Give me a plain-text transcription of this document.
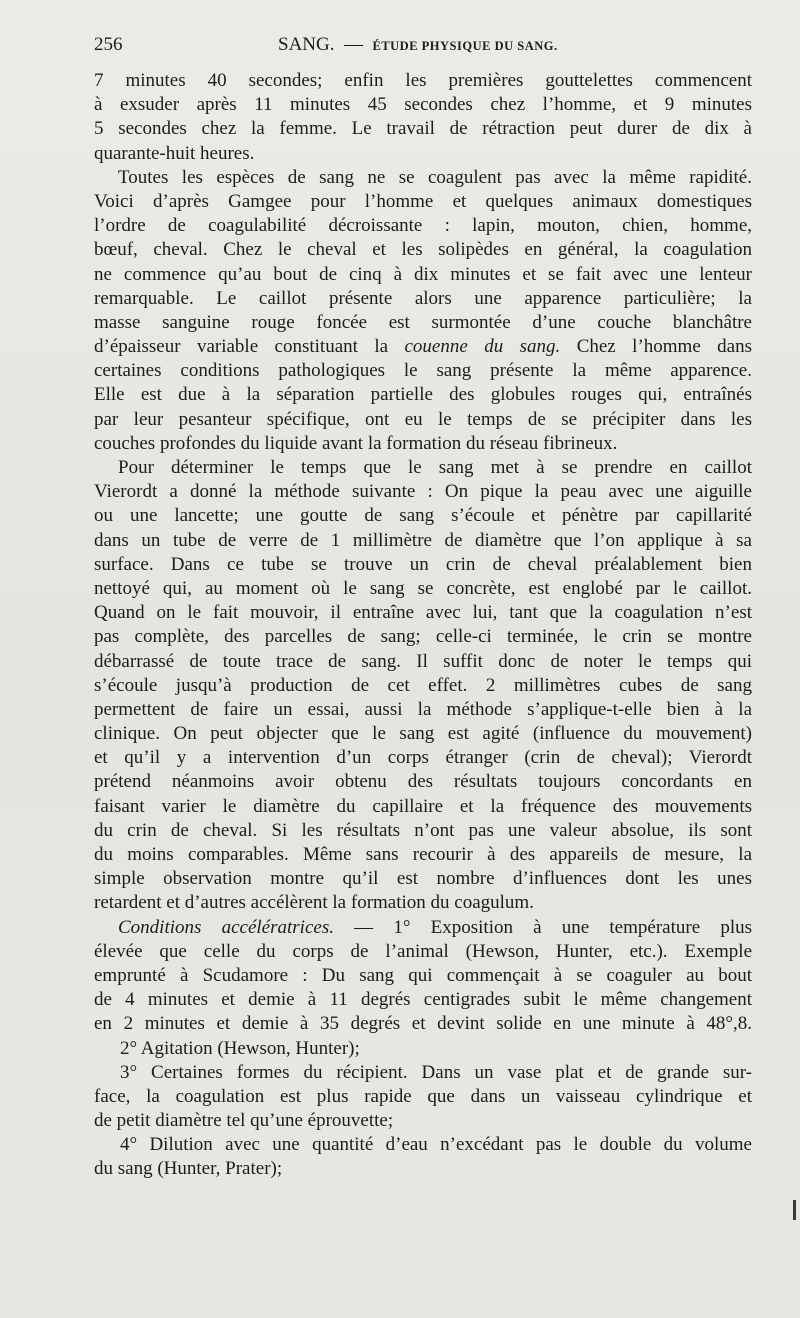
256	SANG. — ÉTUDE PHYSIQUE DU SANG.
7 minutes 40 secondes; enfin les premières gouttelettes commencent
à exsuder après 11 minutes 45 secondes chez l’homme, et 9 minutes
5 secondes chez la femme. Le travail de rétraction peut durer de dix à
quarante-huit heures.
Toutes les espèces de sang ne se coagulent pas avec la même rapidité.
Voici d’après Gamgee pour l’homme et quelques animaux domestiques
l’ordre de coagulabilité décroissante : lapin, mouton, chien, homme,
bœuf, cheval. Chez le cheval et les solipèdes en général, la coagulation
ne commence qu’au bout de cinq à dix minutes et se fait avec une lenteur
remarquable. Le caillot présente alors une apparence particulière; la
masse sanguine rouge foncée est surmontée d’une couche blanchâtre
d’épaisseur variable constituant la couenne du sang. Chez l’homme dans
certaines conditions pathologiques le sang présente la même apparence.
Elle est due à la séparation partielle des globules rouges qui, entraînés
par leur pesanteur spécifique, ont eu le temps de se précipiter dans les
couches profondes du liquide avant la formation du réseau fibrineux.
Pour déterminer le temps que le sang met à se prendre en caillot
Vierordt a donné la méthode suivante : On pique la peau avec une aiguille
ou une lancette; une goutte de sang s’écoule et pénètre par capillarité
dans un tube de verre de 1 millimètre de diamètre que l’on applique à sa
surface. Dans ce tube se trouve un crin de cheval préalablement bien
nettoyé qui, au moment où le sang se concrète, est englobé par le caillot.
Quand on le fait mouvoir, il entraîne avec lui, tant que la coagulation n’est
pas complète, des parcelles de sang; celle-ci terminée, le crin se montre
débarrassé de toute trace de sang. Il suffit donc de noter le temps qui
s’écoule jusqu’à production de cet effet. 2 millimètres cubes de sang
permettent de faire un essai, aussi la méthode s’applique-t-elle bien à la
clinique. On peut objecter que le sang est agité (influence du mouvement)
et qu’il y a intervention d’un corps étranger (crin de cheval); Vierordt
prétend néanmoins avoir obtenu des résultats toujours concordants en
faisant varier le diamètre du capillaire et la fréquence des mouvements
du crin de cheval. Si les résultats n’ont pas une valeur absolue, ils sont
du moins comparables. Même sans recourir à des appareils de mesure, la
simple observation montre qu’il est nombre d’influences dont les unes
retardent et d’autres accélèrent la formation du coagulum.
Conditions accélératrices. — 1° Exposition à une température plus
élevée que celle du corps de l’animal (Hewson, Hunter, etc.). Exemple
emprunté à Scudamore : Du sang qui commençait à se coaguler au bout
de 4 minutes et demie à 11 degrés centigrades subit le même changement
en 2 minutes et demie à 35 degrés et devint solide en une minute à 48°,8.
2° Agitation (Hewson, Hunter);
3° Certaines formes du récipient. Dans un vase plat et de grande sur-
face, la coagulation est plus rapide que dans un vaisseau cylindrique et
de petit diamètre tel qu’une éprouvette;
4° Dilution avec une quantité d’eau n’excédant pas le double du volume
du sang (Hunter, Prater);
